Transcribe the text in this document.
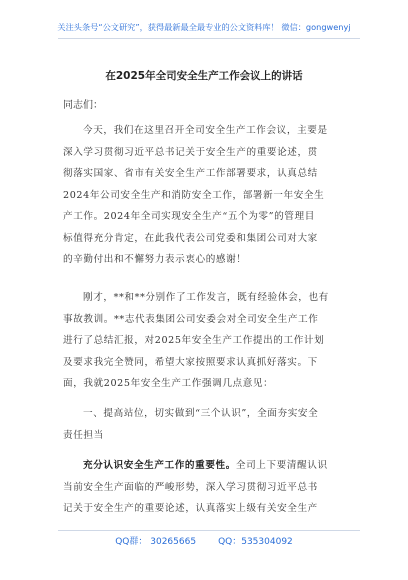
关注头条号“公文研究”，获得最新最全最专业的公文资料库！ 微信：gongwenyj
在2025年全司安全生产工作会议上的讲话
同志们：
今天，我们在这里召开全司安全生产工作会议，主要是
深入学习贯彻习近平总书记关于安全生产的重要论述，贯
彻落实国家、省市有关安全生产工作部署要求，认真总结
2024年公司安全生产和消防安全工作，部署新一年安全生
产工作。2024年全司实现安全生产“五个为零”的管理目
标值得充分肯定，在此我代表公司党委和集团公司对大家
的辛勤付出和不懈努力表示衷心的感谢！
刚才，**和**分别作了工作发言，既有经验体会，也有
事故教训。**志代表集团公司安委会对全司安全生产工作
进行了总结汇报，对2025年安全生产工作提出的工作计划
及要求我完全赞同，希望大家按照要求认真抓好落实。下
面，我就2025年安全生产工作强调几点意见：
一、提高站位，切实做到“三个认识”，全面夯实安全
责任担当
充分认识安全生产工作的重要性。全司上下要清醒认识
当前安全生产面临的严峻形势，深入学习贯彻习近平总书
记关于安全生产的重要论述，认真落实上级有关安全生产
QQ群： 30265665 QQ：535304092
